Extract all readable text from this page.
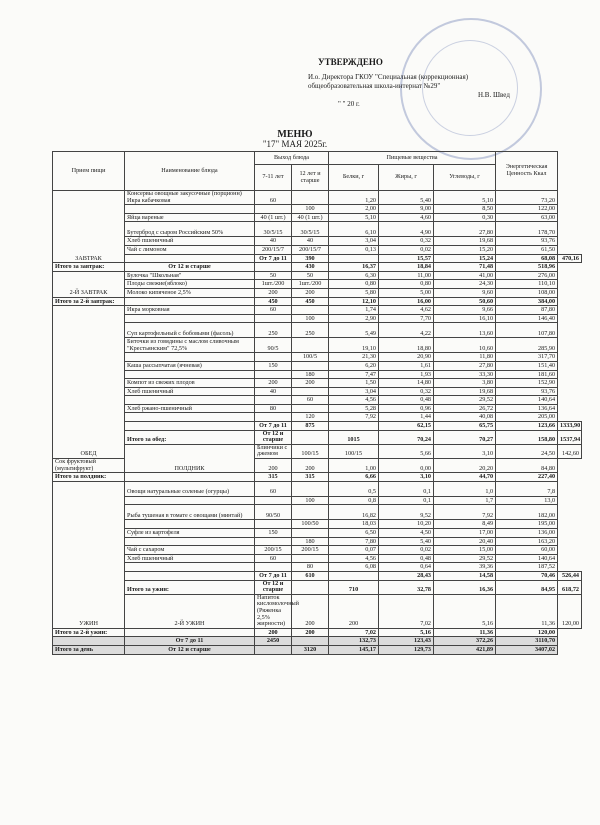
УТВЕРЖДЕНО
И.о. Директора ГКОУ "Специальная (коррекционная)
общеобразовательная школа-интернат №29"
Н.В. Швед
" " 20 г.
МЕНЮ
"17" МАЯ 2025г.
Прием пищи	Наименование блюда	Выход блюда		Пищевые вещества			Энергетическая Ценность Ккал	
		7-11 лет	12 лет и старше	Белки, г	Жиры, г	Углеводы, г		
ЗАВТРАК	Консервы овощные закусочные (порционн) Икра кабачковая	60		1,20	5,40	5,10	73,20	
			100	2,00	9,00	8,50	122,00	
	Яйца вареные	40 (1 шт.)	40 (1 шт.)	5,10	4,60	0,30	63,00	
	Бутерброд с сыром Российским 50%	30/5/15	30/5/15	6,10	4,90	27,80	178,70	
	Хлеб пшеничный	40	40	3,04	0,32	19,68	93,76	
	Чай с лимоном	200/15/7	200/15/7	0,13	0,02	15,20	61,50	
		От 7 до 11	390		15,57	15,24	68,08	470,16
Итого за завтрак:	От 12 и старше		430	16,37	18,84	71,48	518,96	
2-Й ЗАВТРАК	Булочка "Школьная"	50	50	6,30	11,00	41,00	276,00	
	Плоды свежие(яблоко)	1шт./200	1шт./200	0,80	0,80	24,30	110,10	
	Молоко кипяченое 2,5%	200	200	5,80	5,00	9,60	108,00	
Итого за 2-й завтрак:		450	450	12,10	16,00	50,60	384,00	
ОБЕД	Икра морковная	60		1,74	4,62	9,66	87,80	
			100	2,90	7,70	16,10	146,40	
	Суп картофельный с бобовыми (фасоль)	250	250	5,49	4,22	13,60	107,80	
	Биточки из говядины с маслом сливочным "Крестьянским" 72,5%	90/5		19,10	18,80	10,60	285,90	
			100/5	21,30	20,90	11,80	317,70	
	Каша рассыпчатая (ячневая)	150		6,20	1,61	27,80	151,40	
			180	7,47	1,93	33,30	181,60	
	Компот из свежих плодов	200	200	1,50	14,80	3,80	152,90	
	Хлеб пшеничный	40		3,04	0,32	19,68	93,76	
			60	4,56	0,48	29,52	140,64	
	Хлеб ржано-пшеничный	80		5,28	0,96	26,72	136,64	
			120	7,92	1,44	40,08	205,00	
		От 7 до 11	875		62,15	65,75	123,66	1333,90
	Итого за обед:	От 12 и старше		1015	70,24	70,27	158,80	1537,94
	ПОЛДНИК	Блинчики с джемом	100/15	100/15	5,66	3,10	24,50	142,60
Сок фруктовый (мультифрукт)		200	200	1,00	0,00	20,20	84,80	
Итого за полдник:		315	315	6,66	3,10	44,70	227,40	
УЖИН	Овощи натуральные соленые (огурцы)	60		0,5	0,1	1,0	7,8	
			100	0,8	0,1	1,7	13,0	
	Рыба тушеная в томате с овощами (минтай)	90/50		16,82	9,52	7,92	182,00	
			100/50	18,03	10,20	8,49	195,00	
	Суфле из картофеля	150		6,50	4,50	17,00	136,00	
			180	7,80	5,40	20,40	163,20	
	Чай с сахаром	200/15	200/15	0,07	0,02	15,00	60,00	
	Хлеб пшеничный	60		4,56	0,48	29,52	140,64	
			80	6,08	0,64	39,36	187,52	
		От 7 до 11	610		28,43	14,58	70,46	526,44
	Итого за ужин:	От 12 и старше		710	32,78	16,36	84,95	618,72
	2-Й УЖИН	Напиток кисломолочный (Ряженка 2,5% жирности)	200	200	7,02	5,16	11,36	120,00
Итого за 2-й ужин:		200	200	7,02	5,16	11,36	120,00	
	От 7 до 11	2450		132,73	123,43	372,26	3110,70	
Итого за день	От 12 и старше		3120	145,17	129,73	421,89	3407,02	
